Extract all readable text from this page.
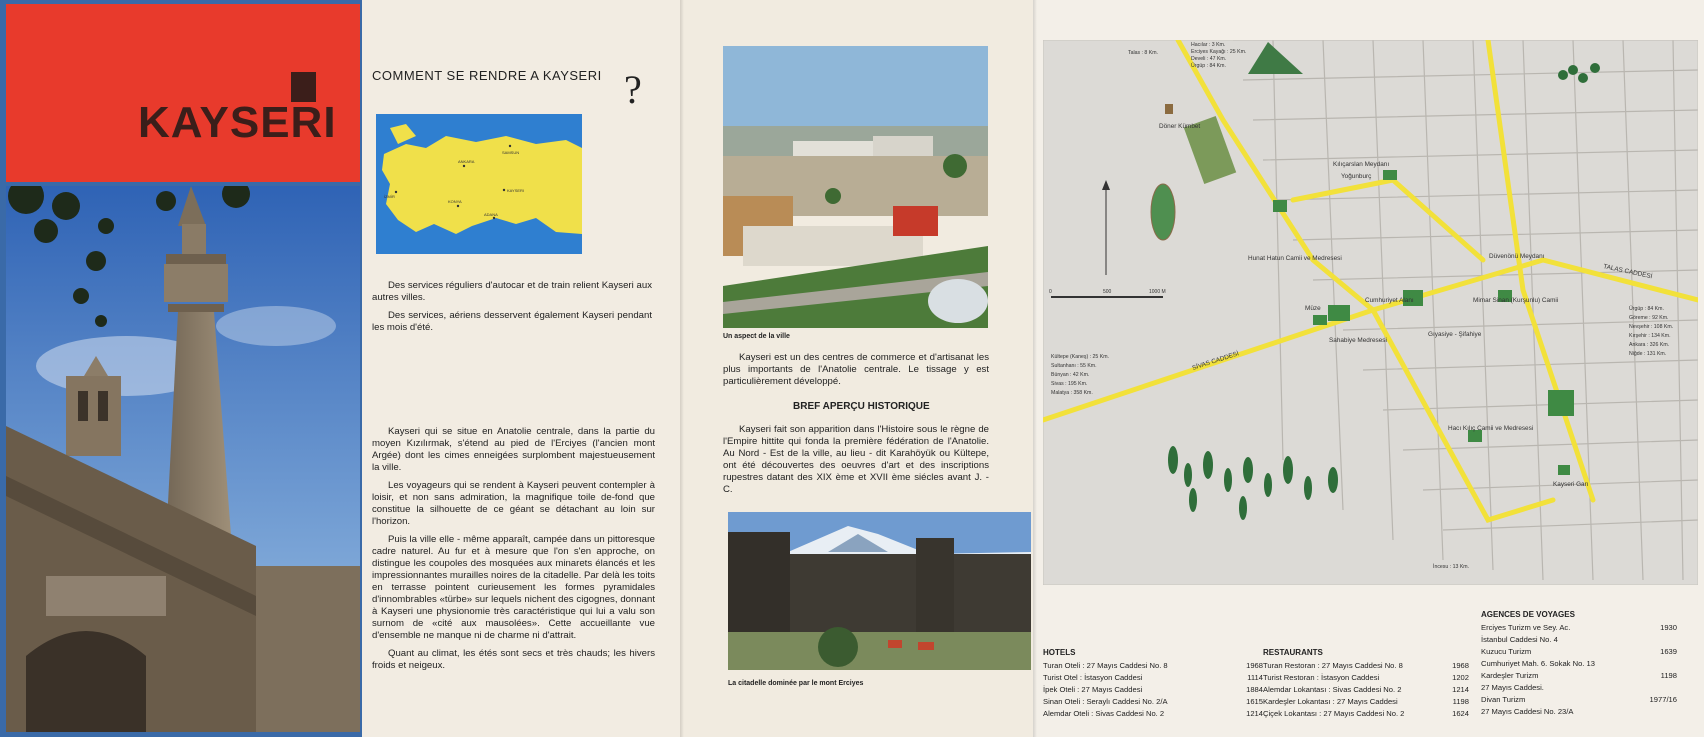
KAYSERI
COMMENT SE RENDRE A KAYSERI ?
ANKARA
KAYSERI
İZMİR
ADANA
KONYA
SAMSUN

Des services réguliers d'autocar et de train relient Kayseri aux autres villes.

Des services, aériens desservent également Kayseri pendant les mois d'été.

Kayseri qui se situe en Anatolie centrale, dans la partie du moyen Kızılırmak, s'étend au pied de l'Erciyes (l'ancien mont Argée) dont les cimes enneigées surplombent majestueusement la ville.

Les voyageurs qui se rendent à Kayseri peuvent contempler à loisir, et non sans admiration, la magnifique toile de-fond que constitue la silhouette de ce géant se détachant au loin sur l'horizon.

Puis la ville elle - même apparaît, campée dans un pittoresque cadre naturel. Au fur et à mesure que l'on s'en approche, on distingue les coupoles des mosquées aux minarets élancés et les impressionnantes murailles noires de la citadelle. Par delà les toits en terrasse pointent curieusement les formes pyramidales d'innombrables «türbe» sur lequels nichent des cigognes, donnant à Kayseri une physionomie très caractéristique qui lui a valu son surnom de «cité aux mausolées». Cette accueillante vue d'ensemble ne manque ni de charme ni d'attrait.

Quant au climat, les étés sont secs et très chauds; les hivers froids et neigeux.

Un aspect de la ville

Kayseri est un des centres de commerce et d'artisanat les plus importants de l'Anatolie centrale. Le tissage y est particulièrement développé.

BREF APERÇU HISTORIQUE

Kayseri fait son apparition dans l'Histoire sous le règne de l'Empire hittite qui fonda la première fédération de l'Anatolie. Au Nord - Est de la ville, au lieu - dit Karahöyük ou Kültepe, ont été découvertes des oeuvres d'art et des inscriptions rupestres datant des XIX ème et XVII ème siécles avant J. - C.

La citadelle dominée par le mont Erciyes
0	500	1000 M
Döner Kümbet
Kılıçarslan Meydanı
Yoğunburç
Hunat Hatun Camii ve Medresesi
Müze
Düvenönü Meydanı
Mimar Sinan (Kurşunlu) Camii
Cumhuriyet Alanı
Sahabiye Medresesi
Gıyasiye - Şifahiye
Hacı Kılıç Camii ve Medresesi
Kayseri Garı
SİVAS CADDESİ
TALAS CADDESİ
Talas : 8 Km.
Hacılar : 3 Km.
Erciyes Kayağı : 25 Km.
Develi : 47 Km.
Ürgüp : 84 Km.
Kültepe (Kaneş) : 25 Km.
Sultanhanı : 55 Km.
Bünyan : 42 Km.
Sivas : 195 Km.
Malatya : 358 Km.
Ürgüp : 84 Km.
Göreme : 92 Km.
Nevşehir : 108 Km.
Kırşehir : 134 Km.
Ankara : 326 Km.
Niğde : 131 Km.
İncesu : 13 Km.
HOTELS
Turan Oteli : 27 Mayıs Caddesi No. 8	1968
Turist Otel : İstasyon Caddesi	1114
İpek Oteli : 27 Mayıs Caddesi	1884
Sinan Oteli : Seraylı Caddesi No. 2/A	1615
Alemdar Oteli : Sivas Caddesi No. 2	1214
RESTAURANTS
Turan Restoran : 27 Mayıs Caddesi No. 8	1968
Turist Restoran : İstasyon Caddesi	1202
Alemdar Lokantası : Sivas Caddesi No. 2	1214
Kardeşler Lokantası : 27 Mayıs Caddesi	1198
Çiçek Lokantası : 27 Mayıs Caddesi No. 2	1624
AGENCES DE VOYAGES
Erciyes Turizm ve Sey. Ac.	1930
İstanbul Caddesi No. 4
Kuzucu Turizm	1639
Cumhuriyet Mah. 6. Sokak No. 13
Kardeşler Turizm	1198
27 Mayıs Caddesi.
Divan Turizm	1977/16
27 Mayıs Caddesi No. 23/A
